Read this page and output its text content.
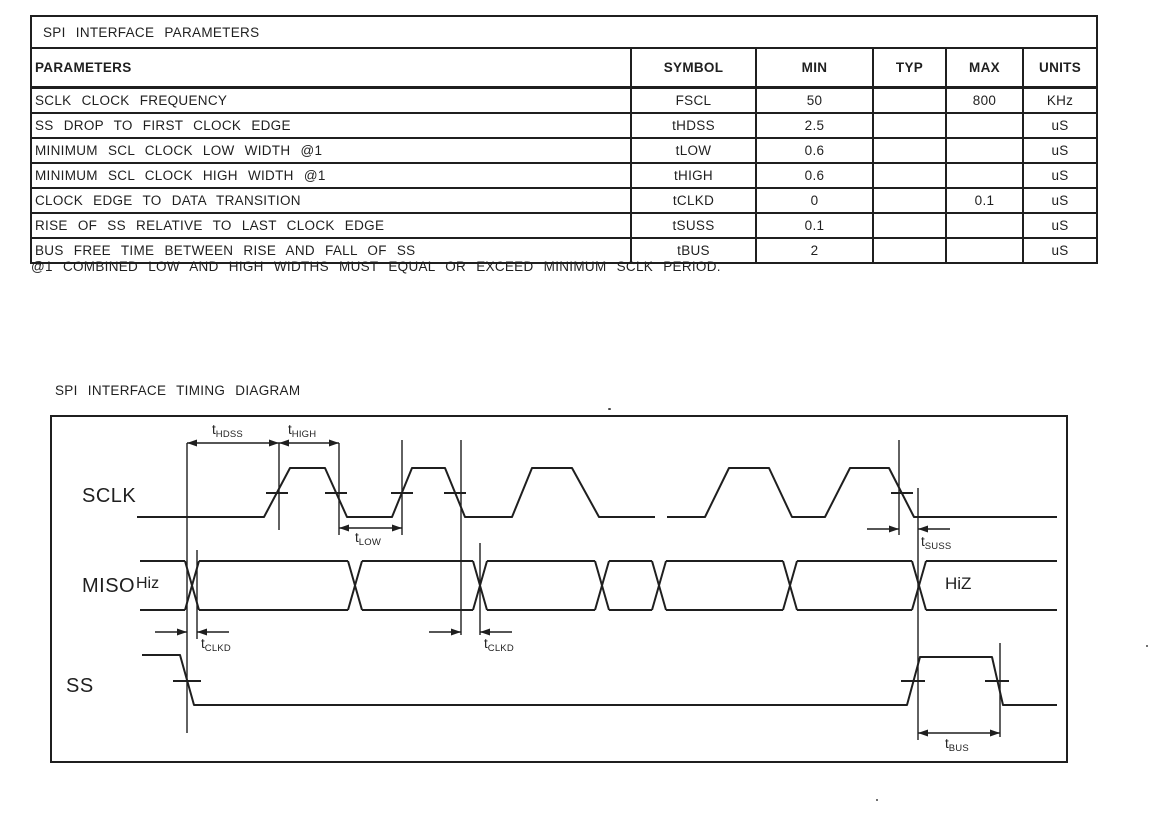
SPI INTERFACE PARAMETERS					
PARAMETERS	SYMBOL	MIN	TYP	MAX	UNITS
SCLK CLOCK FREQUENCY	FSCL	50		800	KHz
SS DROP TO FIRST CLOCK EDGE	tHDSS	2.5			uS
MINIMUM SCL CLOCK LOW WIDTH @1	tLOW	0.6			uS
MINIMUM SCL CLOCK HIGH WIDTH @1	tHIGH	0.6			uS
CLOCK EDGE TO DATA TRANSITION	tCLKD	0		0.1	uS
RISE OF SS RELATIVE TO LAST CLOCK EDGE	tSUSS	0.1			uS
BUS FREE TIME BETWEEN RISE AND FALL OF SS	tBUS	2			uS
@1 COMBINED LOW AND HIGH WIDTHS MUST EQUAL OR EXCEED MINIMUM SCLK PERIOD.
SPI INTERFACE TIMING DIAGRAM
SCLK
MISO
SS
Hiz	HiZ
$t_{HDSS}$	$t_{HIGH}$
$t_{LOW}$
$t_{CLKD}$	$t_{CLKD}$
$t_{SUSS}$
$t_{BUS}$
